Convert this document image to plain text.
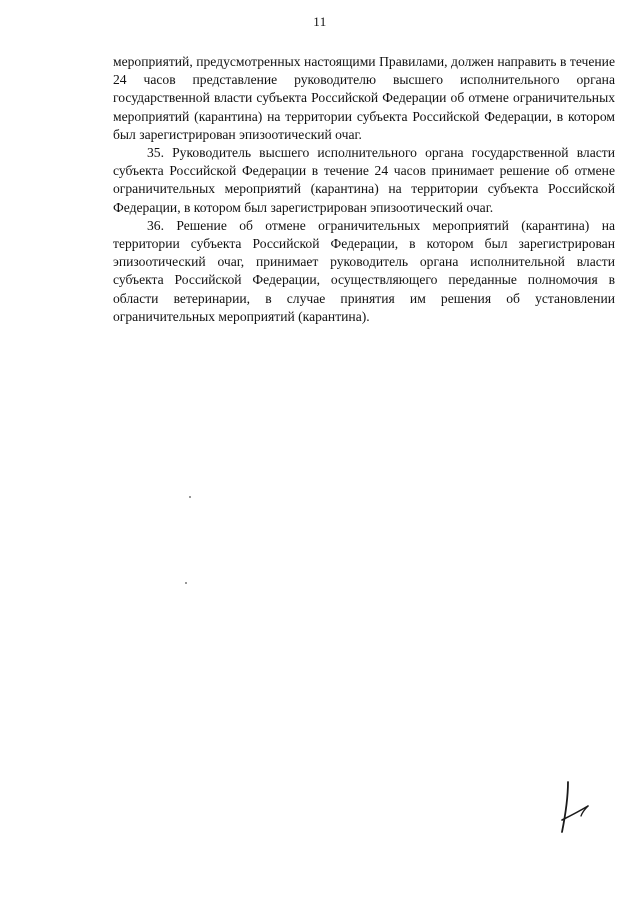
11

мероприятий, предусмотренных настоящими Правилами, должен направить в течение 24 часов представление руководителю высшего исполнительного органа государственной власти субъекта Российской Федерации об отмене ограничительных мероприятий (карантина) на территории субъекта Российской Федерации, в котором был зарегистрирован эпизоотический очаг.

35. Руководитель высшего исполнительного органа государственной власти субъекта Российской Федерации в течение 24 часов принимает решение об отмене ограничительных мероприятий (карантина) на территории субъекта Российской Федерации, в котором был зарегистрирован эпизоотический очаг.

36. Решение об отмене ограничительных мероприятий (карантина) на территории субъекта Российской Федерации, в котором был зарегистрирован эпизоотический очаг, принимает руководитель органа исполнительной власти субъекта Российской Федерации, осуществляющего переданные полномочия в области ветеринарии, в случае принятия им решения об установлении ограничительных мероприятий (карантина).
